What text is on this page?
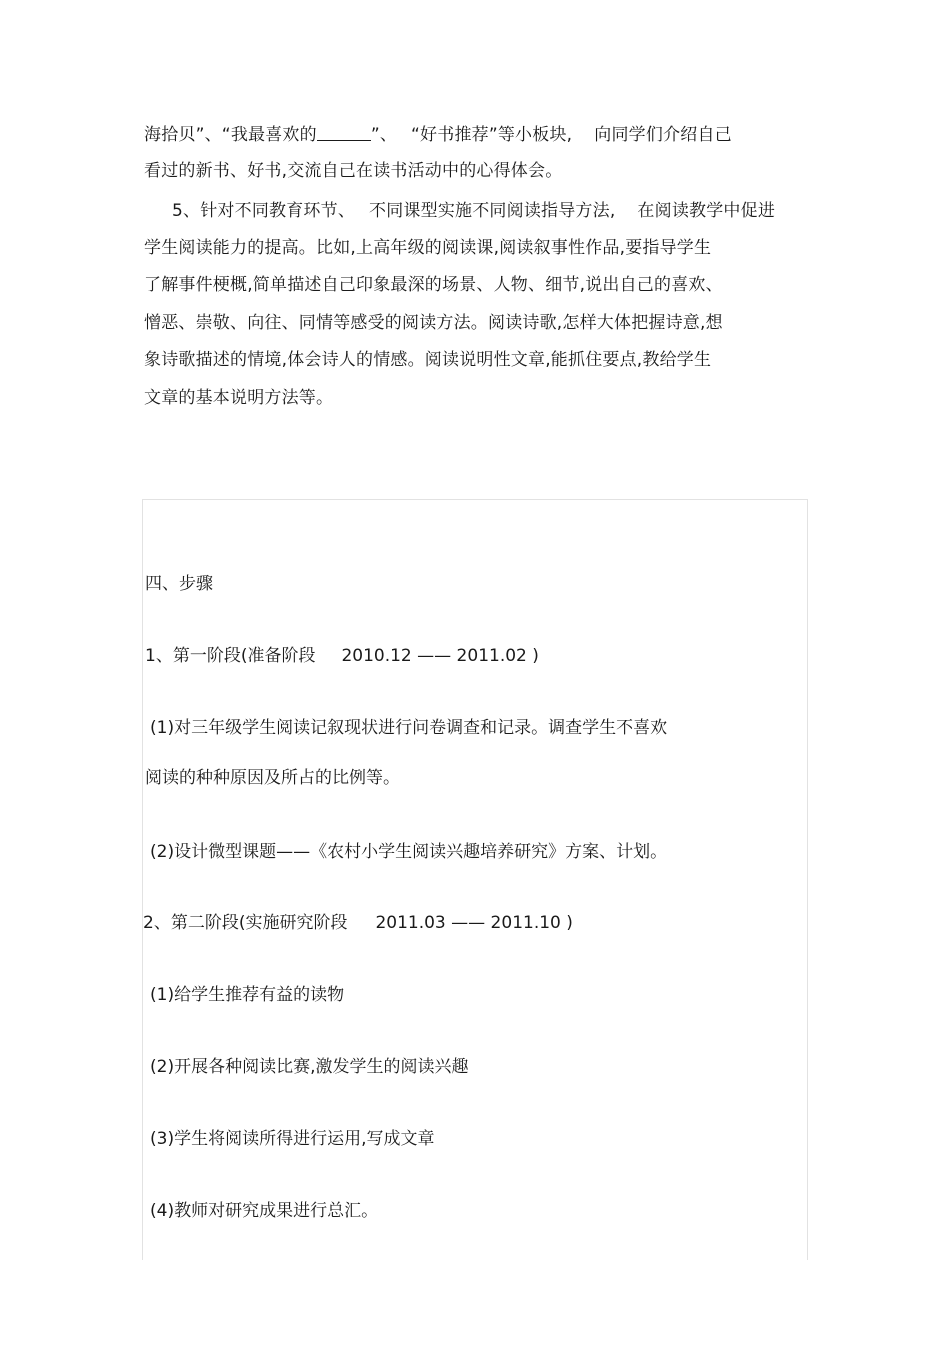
海拾贝”、“我最喜欢的	”、 “好书推荐”等小板块, 向同学们介绍自己
看过的新书、好书,交流自己在读书活动中的心得体会。
5、针对不同教育环节、 不同课型实施不同阅读指导方法, 在阅读教学中促进
学生阅读能力的提高。比如,上高年级的阅读课,阅读叙事性作品,要指导学生
了解事件梗概,简单描述自己印象最深的场景、人物、细节,说出自己的喜欢、
憎恶、崇敬、向往、同情等感受的阅读方法。阅读诗歌,怎样大体把握诗意,想
象诗歌描述的情境,体会诗人的情感。阅读说明性文章,能抓住要点,教给学生
文章的基本说明方法等。
四、步骤
1、第一阶段(准备阶段 2010.12 —— 2011.02 )
(1)对三年级学生阅读记叙现状进行问卷调查和记录。调查学生不喜欢
阅读的种种原因及所占的比例等。
(2)设计微型课题——《农村小学生阅读兴趣培养研究》方案、计划。
2、第二阶段(实施研究阶段 2011.03 —— 2011.10 )
(1)给学生推荐有益的读物
(2)开展各种阅读比赛,激发学生的阅读兴趣
(3)学生将阅读所得进行运用,写成文章
(4)教师对研究成果进行总汇。
